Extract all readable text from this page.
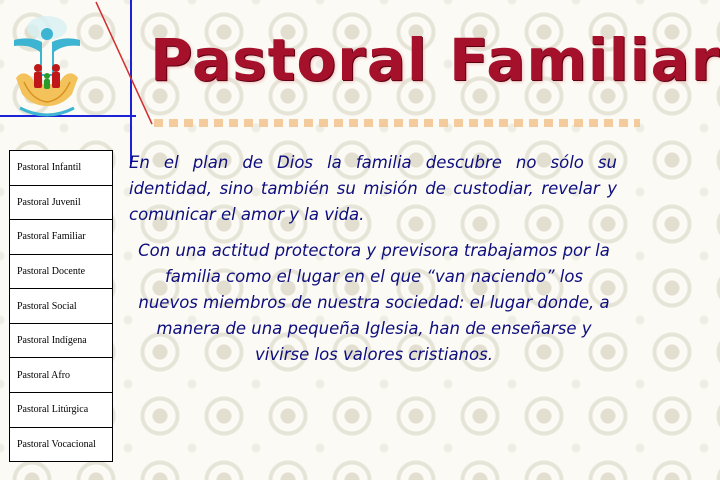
Pastoral Familiar
Pastoral Infantil
Pastoral Juvenil
Pastoral Familiar
Pastoral Docente
Pastoral Social
Pastoral Indígena
Pastoral Afro
Pastoral Litúrgica
Pastoral Vocacional

En el plan de Dios la familia descubre no sólo su identidad, sino también su misión de custodiar, revelar y comunicar el amor y la vida.

Con una actitud protectora y previsora trabajamos por la familia como el lugar en el que “van naciendo” los nuevos miembros de nuestra sociedad: el lugar donde, a manera de una pequeña Iglesia, han de enseñarse y vivirse los valores cristianos.
